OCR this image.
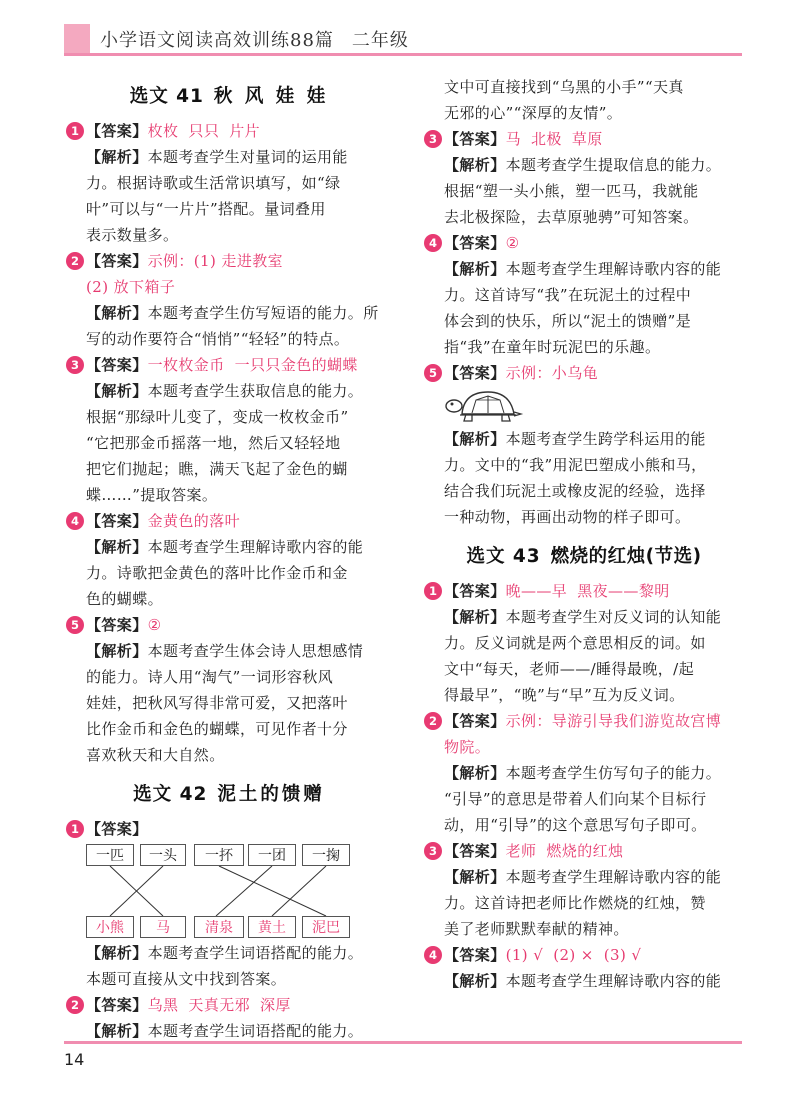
小学语文阅读高效训练88篇 二年级
选文 41 秋 风 娃 娃
1 【答案】枚枚 只只 片片
【解析】本题考查学生对量词的运用能
力。根据诗歌或生活常识填写，如“绿
叶”可以与“一片片”搭配。量词叠用
表示数量多。
2 【答案】示例：(1) 走进教室
(2) 放下箱子
【解析】本题考查学生仿写短语的能力。所
写的动作要符合“悄悄”“轻轻”的特点。
3 【答案】一枚枚金币 一只只金色的蝴蝶
【解析】本题考查学生获取信息的能力。
根据“那绿叶儿变了，变成一枚枚金币”
“它把那金币摇落一地，然后又轻轻地
把它们抛起；瞧，满天飞起了金色的蝴
蝶……”提取答案。
4 【答案】金黄色的落叶
【解析】本题考查学生理解诗歌内容的能
力。诗歌把金黄色的落叶比作金币和金
色的蝴蝶。
5 【答案】②
【解析】本题考查学生体会诗人思想感情
的能力。诗人用“淘气”一词形容秋风
娃娃，把秋风写得非常可爱，又把落叶
比作金币和金色的蝴蝶，可见作者十分
喜欢秋天和大自然。
选文 42 泥土的馈赠
1 【答案】
一匹	一头	一抔	一团	一掬
小熊	马	清泉	黄土	泥巴
【解析】本题考查学生词语搭配的能力。
本题可直接从文中找到答案。
2 【答案】乌黑 天真无邪 深厚
【解析】本题考查学生词语搭配的能力。
文中可直接找到“乌黑的小手”“天真
无邪的心”“深厚的友情”。
3 【答案】马 北极 草原
【解析】本题考查学生提取信息的能力。
根据“塑一头小熊，塑一匹马，我就能
去北极探险，去草原驰骋”可知答案。
4 【答案】②
【解析】本题考查学生理解诗歌内容的能
力。这首诗写“我”在玩泥土的过程中
体会到的快乐，所以“泥土的馈赠”是
指“我”在童年时玩泥巴的乐趣。
5 【答案】示例：小乌龟
【解析】本题考查学生跨学科运用的能
力。文中的“我”用泥巴塑成小熊和马，
结合我们玩泥土或橡皮泥的经验，选择
一种动物，再画出动物的样子即可。
选文 43 燃烧的红烛(节选)
1 【答案】晚——早 黑夜——黎明
【解析】本题考查学生对反义词的认知能
力。反义词就是两个意思相反的词。如
文中“每天，老师——/睡得最晚，/起
得最早”，“晚”与“早”互为反义词。
2 【答案】示例：导游引导我们游览故宫博
物院。
【解析】本题考查学生仿写句子的能力。
“引导”的意思是带着人们向某个目标行
动，用“引导”的这个意思写句子即可。
3 【答案】老师 燃烧的红烛
【解析】本题考查学生理解诗歌内容的能
力。这首诗把老师比作燃烧的红烛，赞
美了老师默默奉献的精神。
4 【答案】(1) √ (2) × (3) √
【解析】本题考查学生理解诗歌内容的能
14
